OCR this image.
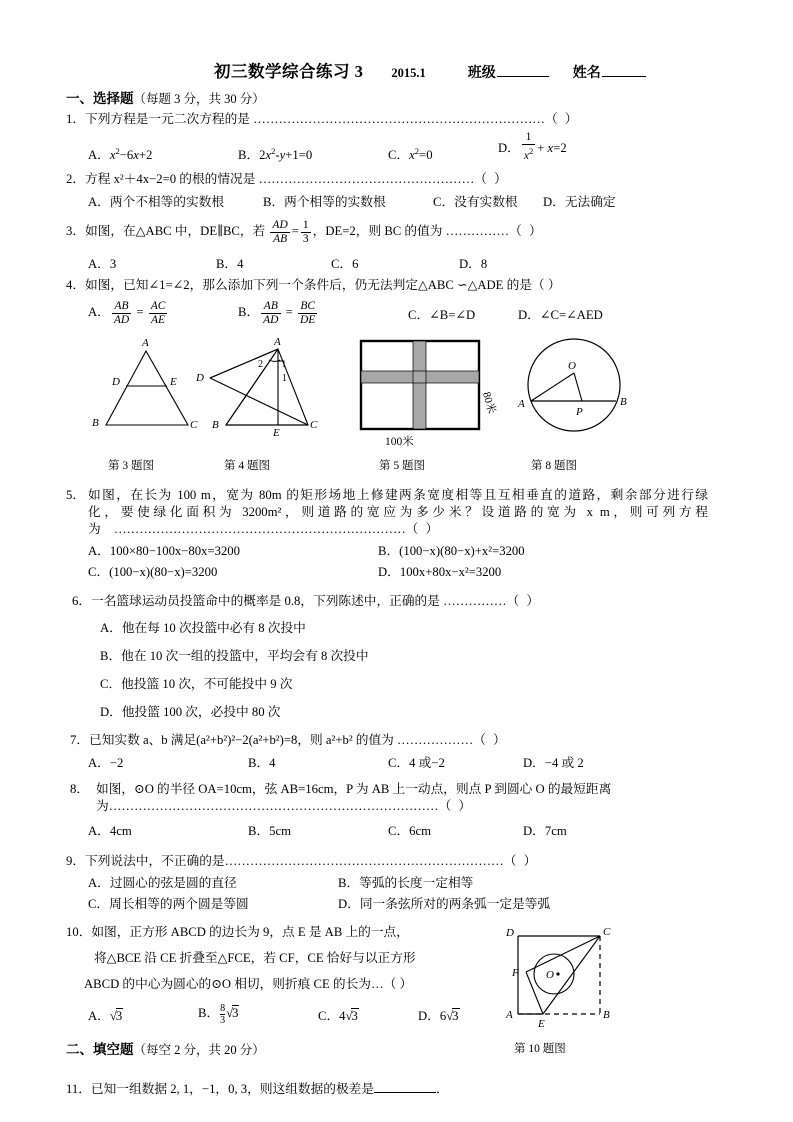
初三数学综合练习 3 2015.1	班级	姓名
一、选择题（每题 3 分，共 30 分）
1．下列方程是一元二次方程的是 ……………………………………………………………（ ）
A．$x^2-6x+2$	B．$2x^2-y+1=0$	C．$x^2=0$	D． $\frac{1}{x^2} + x=2$
2．方程 x²＋4x−2=0 的根的情况是 ……………………………………………（ ）
A．两个不相等的实数根	B．两个相等的实数根	C．没有实数根	D．无法确定
3．如图，在△ABC 中，DE∥BC，若 $\frac{AD}{AB} = \frac{1}{3}$ ，DE=2，则 BC 的值为 ……………（ ）
A．3	B．4	C．6	D．8
4．如图，已知∠1=∠2，那么添加下列一个条件后，仍无法判定△ABC ∽△ADE 的是（ ）
A． $\frac{AB}{AD} = \frac{AC}{AE}$	B． $\frac{AB}{AD} = \frac{BC}{DE}$	C．∠B=∠D	D．∠C=∠AED
A
D	E
B	C
2
1
A
D
B
E
C
80米
100米
O
A
P
B
第 3 题图	第 4 题图	第 5 题图	第 8 题图
5． 如图，在长为 100 m，宽为 80m 的矩形场地上修建两条宽度相等且互相垂直的道路，剩余部分进行绿
化，要使绿化面积为 3200m²，则道路的宽应为多少米？设道路的宽为 x m，则可列方程
为 ……………………………………………………………（ ）
A．100×80−100x−80x=3200	B．(100−x)(80−x)+x²=3200
C．(100−x)(80−x)=3200	D．100x+80x−x²=3200
6．一名篮球运动员投篮命中的概率是 0.8，下列陈述中，正确的是 ……………（ ）
A．他在每 10 次投篮中必有 8 次投中
B．他在 10 次一组的投篮中，平均会有 8 次投中
C．他投篮 10 次，不可能投中 9 次
D．他投篮 100 次，必投中 80 次
7．已知实数 a、b 满足(a²+b²)²−2(a²+b²)=8，则 a²+b² 的值为 ………………（ ）
A．−2	B．4	C．4 或−2	D．−4 或 2
8． 如图，⊙O 的半径 OA=10cm，弦 AB=16cm，P 为 AB 上一动点，则点 P 到圆心 O 的最短距离
为……………………………………………………………………（ ）
A．4cm	B．5cm	C．6cm	D．7cm
9．下列说法中，不正确的是…………………………………………………………（ ）
A．过圆心的弦是圆的直径	B．等弧的长度一定相等
C．周长相等的两个圆是等圆	D．同一条弦所对的两条弧一定是等弧
10．如图，正方形 ABCD 的边长为 9，点 E 是 AB 上的一点，
将△BCE 沿 CE 折叠至△FCE，若 CF，CE 恰好与以正方形
ABCD 的中心为圆心的⊙O 相切，则折痕 CE 的长为…（ ）
A．√3	B． $\frac{8}{3} √3$	C．4√3	D．6√3
D	C
F O
A
E
B
二、填空题（每空 2 分，共 20 分）	第 10 题图
11．已知一组数据 2, 1，−1，0, 3，则这组数据的极差是	．
